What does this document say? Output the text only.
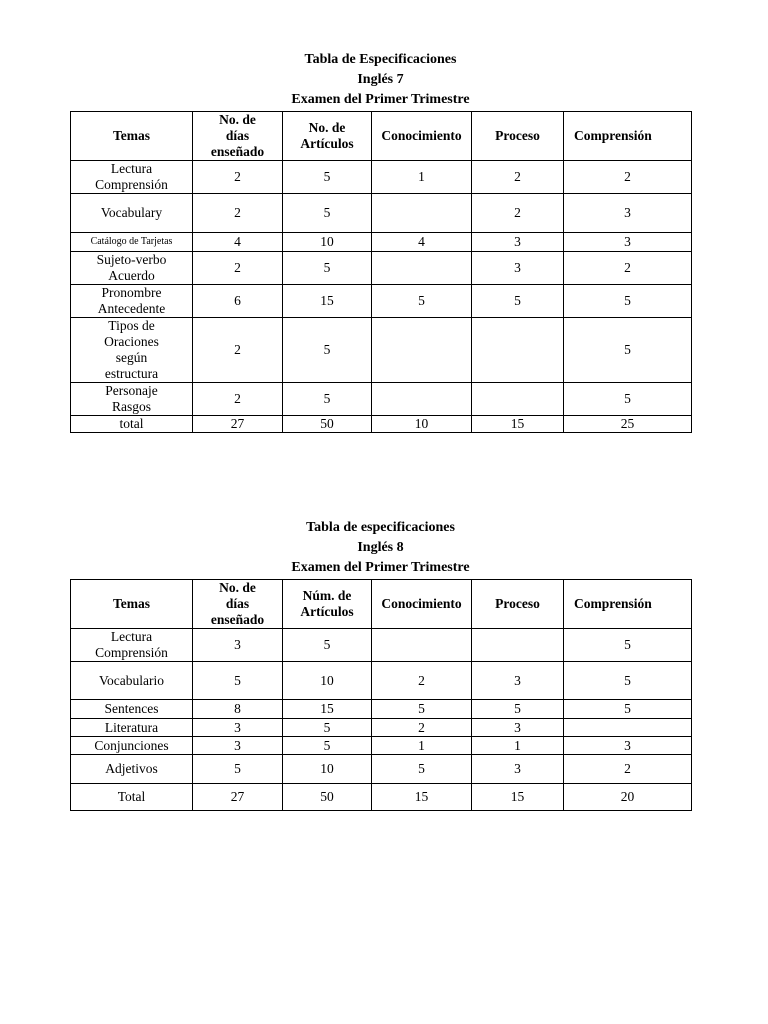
Tabla de Especificaciones
Inglés 7
Examen del Primer Trimestre
Temas	No. de
días
enseñado	No. de
Artículos	Conocimiento	Proceso	Comprensión
Lectura
Comprensión	2	5	1	2	2
Vocabulary	2	5		2	3
Catálogo de Tarjetas	4	10	4	3	3
Sujeto-verbo
Acuerdo	2	5		3	2
Pronombre
Antecedente	6	15	5	5	5
Tipos de
Oraciones
según
estructura	2	5			5
Personaje
Rasgos	2	5			5
total	27	50	10	15	25
Tabla de especificaciones
Inglés 8
Examen del Primer Trimestre
Temas	No. de
días
enseñado	Núm. de
Artículos	Conocimiento	Proceso	Comprensión
Lectura
Comprensión	3	5			5
Vocabulario	5	10	2	3	5
Sentences	8	15	5	5	5
Literatura	3	5	2	3	
Conjunciones	3	5	1	1	3
Adjetivos	5	10	5	3	2
Total	27	50	15	15	20
